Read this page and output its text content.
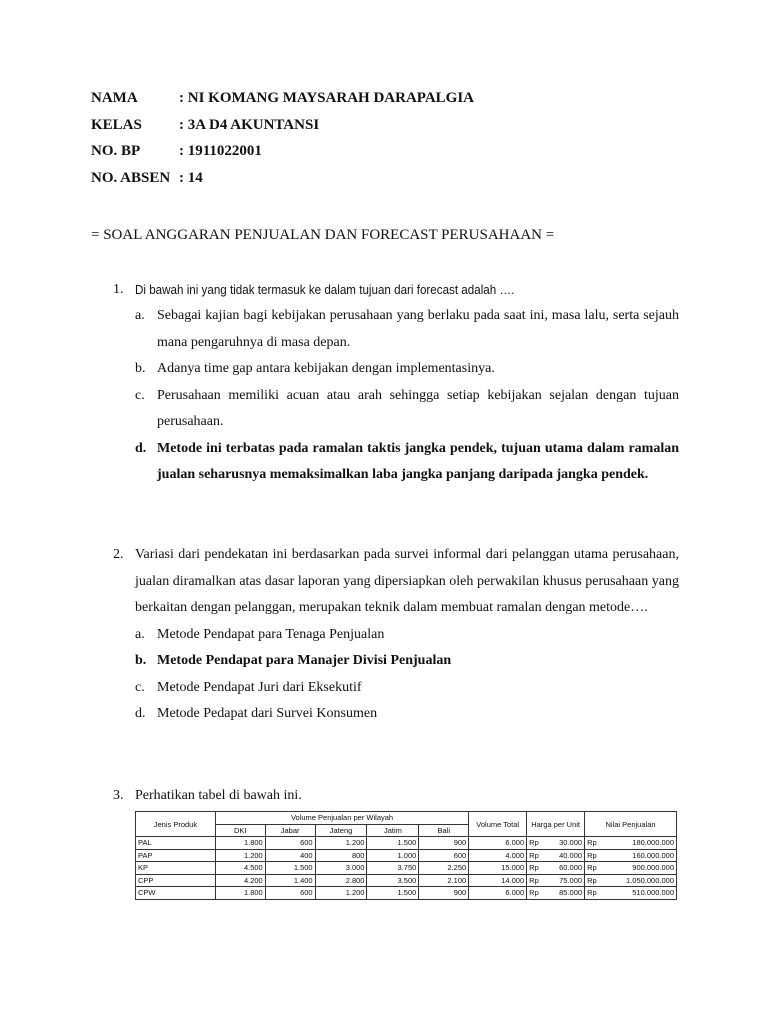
NAMA	: NI KOMANG MAYSARAH DARAPALGIA
KELAS	: 3A D4 AKUNTANSI
NO. BP	: 1911022001
NO. ABSEN : 14
= SOAL ANGGARAN PENJUALAN DAN FORECAST PERUSAHAAN =
1. Di bawah ini yang tidak termasuk ke dalam tujuan dari forecast adalah ….
a. Sebagai kajian bagi kebijakan perusahaan yang berlaku pada saat ini, masa lalu, serta sejauh mana pengaruhnya di masa depan.
b. Adanya time gap antara kebijakan dengan implementasinya.
c. Perusahaan memiliki acuan atau arah sehingga setiap kebijakan sejalan dengan tujuan perusahaan.
d. Metode ini terbatas pada ramalan taktis jangka pendek, tujuan utama dalam ramalan jualan seharusnya memaksimalkan laba jangka panjang daripada jangka pendek.
2. Variasi dari pendekatan ini berdasarkan pada survei informal dari pelanggan utama perusahaan, jualan diramalkan atas dasar laporan yang dipersiapkan oleh perwakilan khusus perusahaan yang berkaitan dengan pelanggan, merupakan teknik dalam membuat ramalan dengan metode….
a. Metode Pendapat para Tenaga Penjualan
b. Metode Pendapat para Manajer Divisi Penjualan
c. Metode Pendapat Juri dari Eksekutif
d. Metode Pedapat dari Survei Konsumen
3. Perhatikan tabel di bawah ini.
Jenis Produk	Volume Penjualan per Wilayah					Volume Total	Harga per Unit	Nilai Penjualan
	DKI	Jabar	Jateng	Jatim	Bali			
PAL	1.800	600	1.200	1.500	900	6.000	Rp 30.000	Rp 180.000.000

PAP	1.200	400	800	1.000	600	4.000	Rp 40.000	Rp 160.000.000

KP	4.500	1.500	3.000	3.750	2.250	15.000	Rp 60.000	Rp 900.000.000

CPP	4.200	1.400	2.800	3.500	2.100	14.000	Rp 75.000	Rp 1.050.000.000

CPW	1.800	600	1.200	1.500	900	6.000	Rp 85.000	Rp 510.000.000
